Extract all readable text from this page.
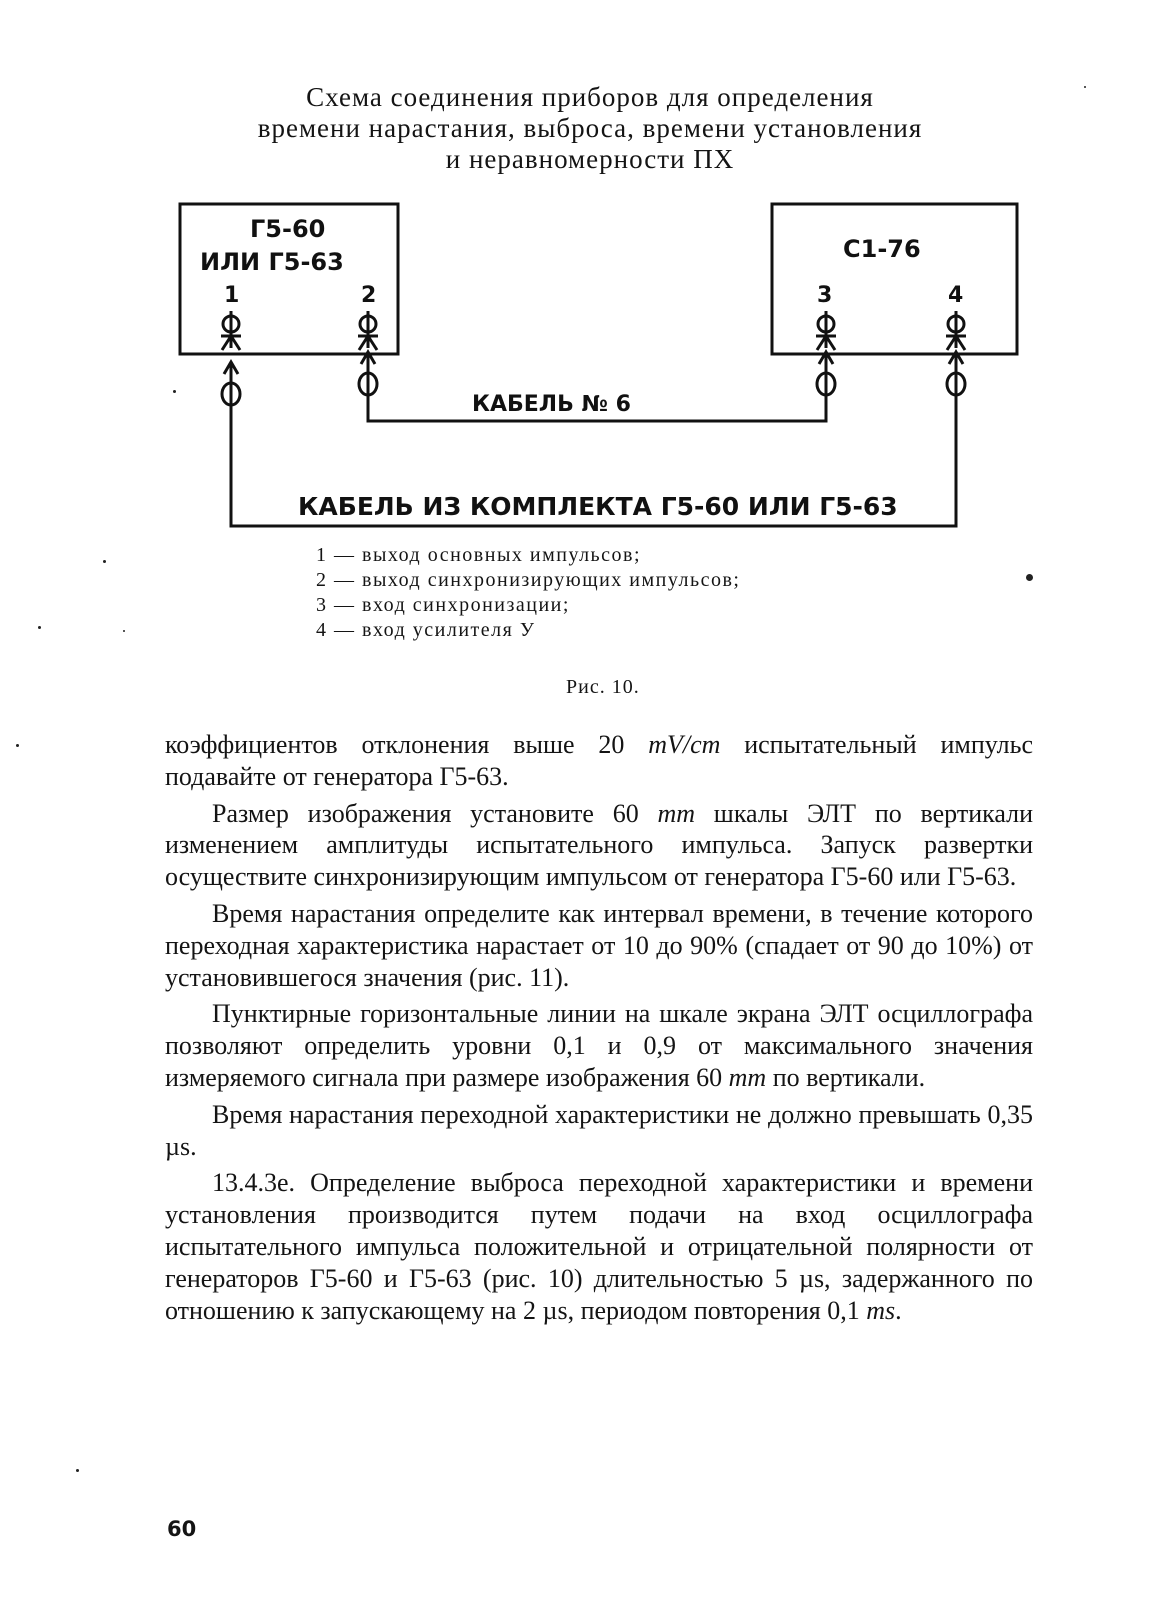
Схема соединения приборов для определения
времени нарастания, выброса, времени установления
и неравномерности ПХ
Г5-60
ИЛИ Г5-63
1	2
С1-76
3	4
КАБЕЛЬ № 6
КАБЕЛЬ ИЗ КОМПЛЕКТА Г5-60 ИЛИ Г5-63
1 — выход основных импульсов;
2 — выход синхронизирующих импульсов;
3 — вход синхронизации;
4 — вход усилителя У
Рис. 10.

коэффициентов отклонения выше 20 mV/cm испытательный импульс подавайте от генератора Г5-63.

Размер изображения установите 60 mm шкалы ЭЛТ по вертикали изменением амплитуды испытательного импульса. Запуск развертки осуществите синхронизирующим импульсом от генератора Г5-60 или Г5-63.

Время нарастания определите как интервал времени, в течение которого переходная характеристика нарастает от 10 до 90% (спадает от 90 до 10%) от установившегося значения (рис. 11).

Пунктирные горизонтальные линии на шкале экрана ЭЛТ осциллографа позволяют определить уровни 0,1 и 0,9 от максимального значения измеряемого сигнала при размере изображения 60 mm по вертикали.

Время нарастания переходной характеристики не должно превышать 0,35 µs.

13.4.3е. Определение выброса переходной характеристики и времени установления производится путем подачи на вход осциллографа испытательного импульса положительной и отрицательной полярности от генераторов Г5-60 и Г5-63 (рис. 10) длительностью 5 µs, задержанного по отношению к запускающему на 2 µs, периодом повторения 0,1 ms.

60
